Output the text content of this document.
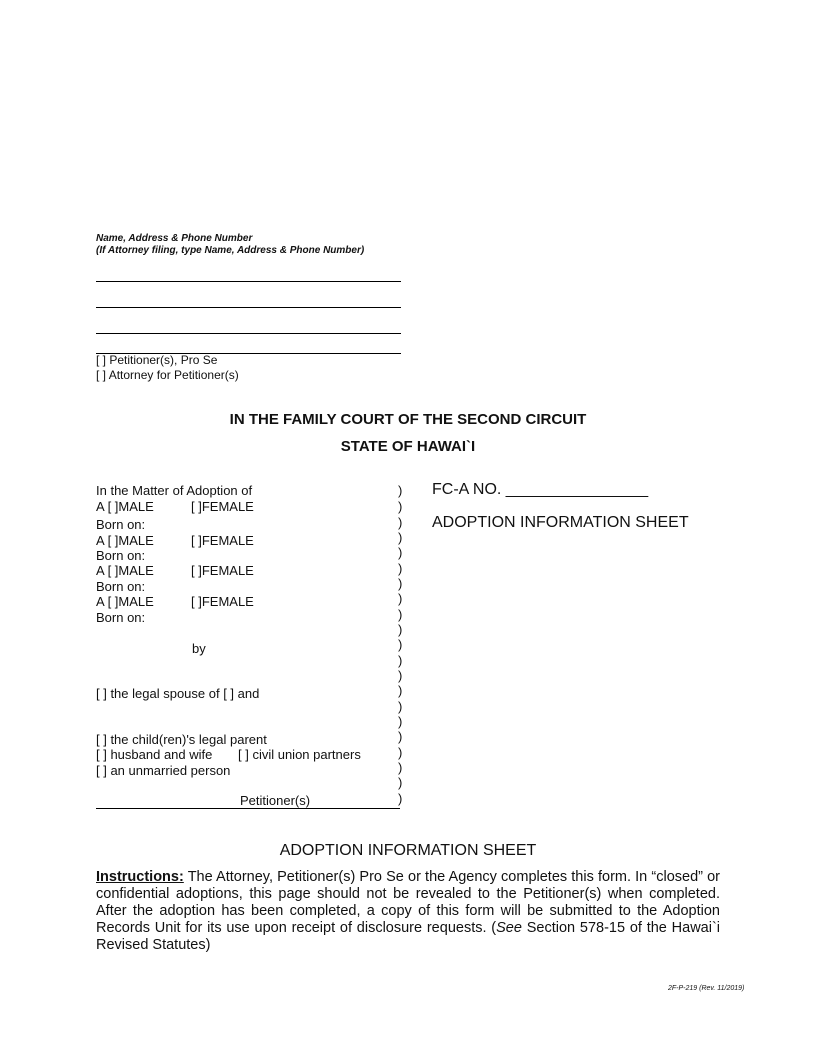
Name, Address & Phone Number
(If Attorney filing, type Name, Address & Phone Number)
[ ] Petitioner(s), Pro Se
[ ] Attorney for Petitioner(s)
IN THE FAMILY COURT OF THE SECOND CIRCUIT
STATE OF HAWAI`I
In the Matter of Adoption of
A [ ]MALE	[ ]FEMALE
Born on:
A [ ]MALE	[ ]FEMALE
Born on:
A [ ]MALE	[ ]FEMALE
Born on:
A [ ]MALE	[ ]FEMALE
Born on:
by
[ ] the legal spouse of [ ] and
[ ] the child(ren)'s legal parent
[ ] husband and wife [ ] civil union partners
[ ] an unmarried person
Petitioner(s)
)
)
)
)
)
)
)
)
)
)
)
)
)
)
)
)
)
)
)
)
)
FC-A NO. ________________
ADOPTION INFORMATION SHEET
ADOPTION INFORMATION SHEET
Instructions: The Attorney, Petitioner(s) Pro Se or the Agency completes this form. In “closed” or confidential adoptions, this page should not be revealed to the Petitioner(s) when completed. After the adoption has been completed, a copy of this form will be submitted to the Adoption Records Unit for its use upon receipt of disclosure requests. (See Section 578-15 of the Hawai`i Revised Statutes)
2F-P-219 (Rev. 11/2019)
